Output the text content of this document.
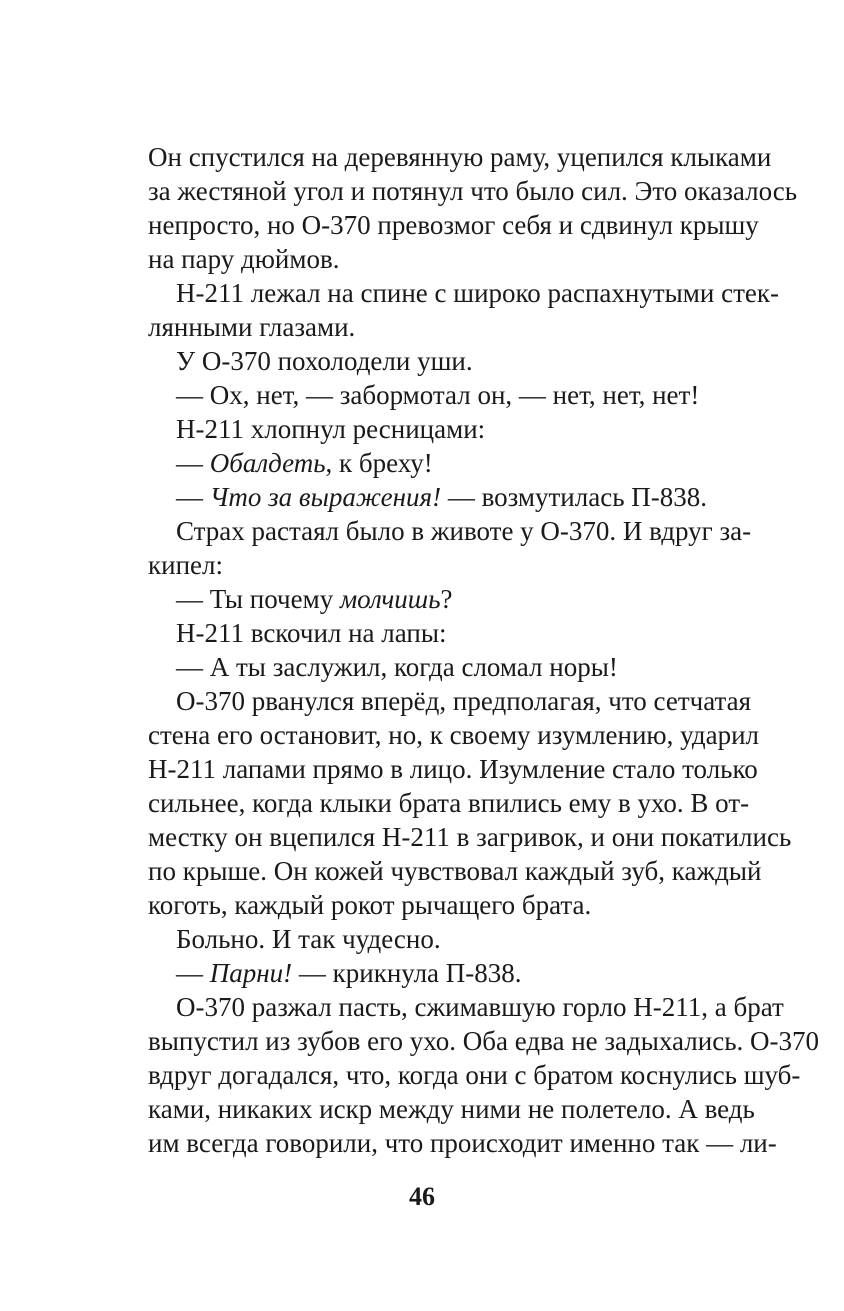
Он спустился на деревянную раму, уцепился клыками
за жестяной угол и потянул что было сил. Это оказалось
непросто, но О-370 превозмог себя и сдвинул крышу
на пару дюймов.
Н-211 лежал на спине с широко распахнутыми стек-
лянными глазами.
У О-370 похолодели уши.
— Ох, нет, — забормотал он, — нет, нет, нет!
Н-211 хлопнул ресницами:
— Обалдеть, к бреху!
— Что за выражения! — возмутилась П-838.
Страх растаял было в животе у О-370. И вдруг за-
кипел:
— Ты почему молчишь?
Н-211 вскочил на лапы:
— А ты заслужил, когда сломал норы!
О-370 рванулся вперёд, предполагая, что сетчатая
стена его остановит, но, к своему изумлению, ударил
Н-211 лапами прямо в лицо. Изумление стало только
сильнее, когда клыки брата впились ему в ухо. В от-
местку он вцепился Н-211 в загривок, и они покатились
по крыше. Он кожей чувствовал каждый зуб, каждый
коготь, каждый рокот рычащего брата.
Больно. И так чудесно.
— Парни! — крикнула П-838.
О-370 разжал пасть, сжимавшую горло Н-211, а брат
выпустил из зубов его ухо. Оба едва не задыхались. О-370
вдруг догадался, что, когда они с братом коснулись шуб-
ками, никаких искр между ними не полетело. А ведь
им всегда говорили, что происходит именно так — ли-
46
